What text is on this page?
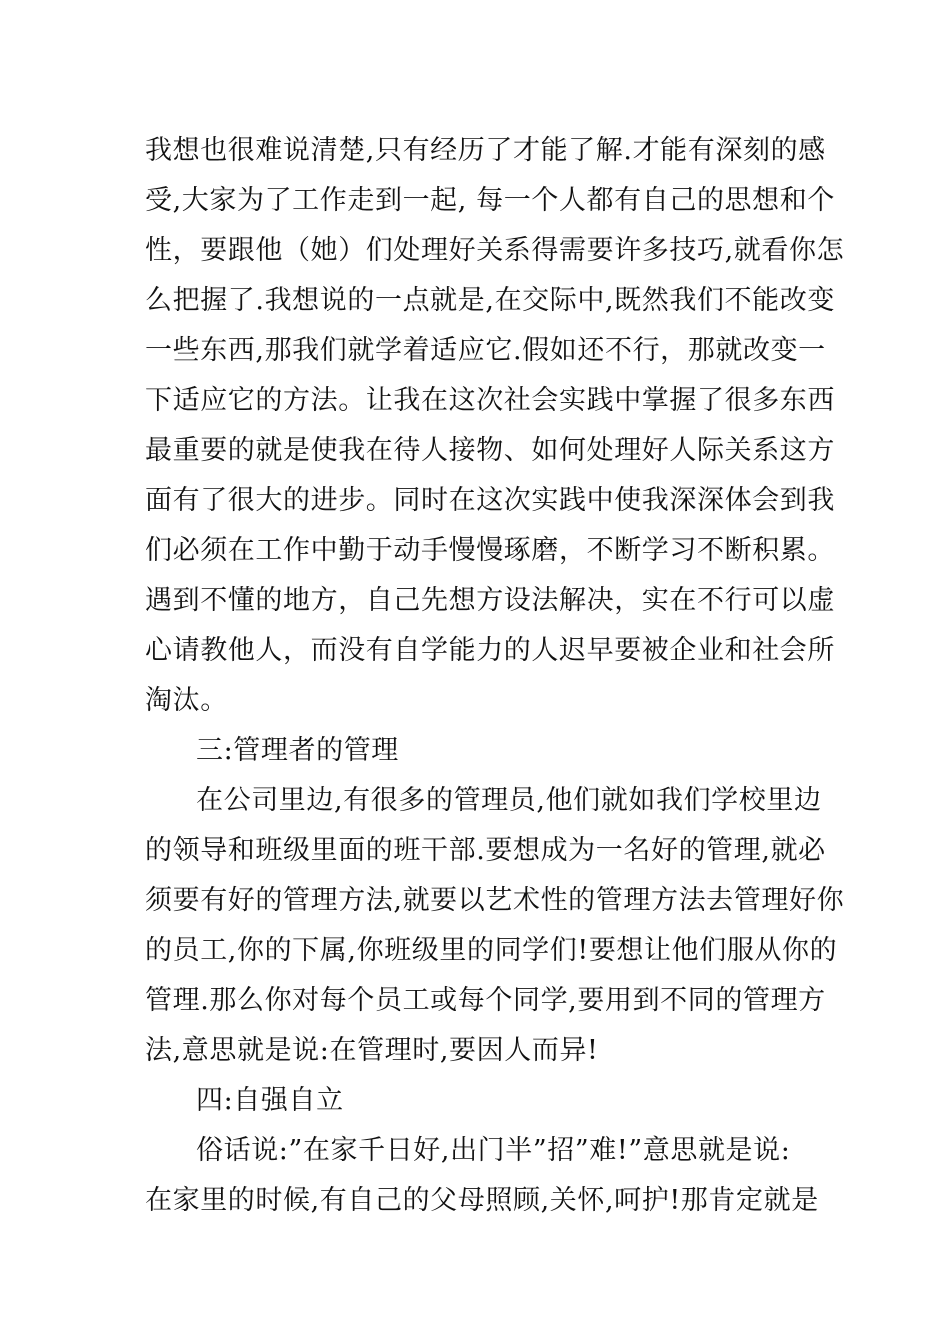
我想也很难说清楚,只有经历了才能了解.才能有深刻的感
受,大家为了工作走到一起, 每一个人都有自己的思想和个
性，要跟他（她）们处理好关系得需要许多技巧,就看你怎
么把握了.我想说的一点就是,在交际中,既然我们不能改变
一些东西,那我们就学着适应它.假如还不行，那就改变一
下适应它的方法。让我在这次社会实践中掌握了很多东西
最重要的就是使我在待人接物、如何处理好人际关系这方
面有了很大的进步。同时在这次实践中使我深深体会到我
们必须在工作中勤于动手慢慢琢磨，不断学习不断积累。
遇到不懂的地方，自己先想方设法解决，实在不行可以虚
心请教他人，而没有自学能力的人迟早要被企业和社会所
淘汰。
三:管理者的管理
在公司里边,有很多的管理员,他们就如我们学校里边
的领导和班级里面的班干部.要想成为一名好的管理,就必
须要有好的管理方法,就要以艺术性的管理方法去管理好你
的员工,你的下属,你班级里的同学们!要想让他们服从你的
管理.那么你对每个员工或每个同学,要用到不同的管理方
法,意思就是说:在管理时,要因人而异!
四:自强自立
俗话说:”在家千日好,出门半”招”难!”意思就是说:
在家里的时候,有自己的父母照顾,关怀,呵护!那肯定就是
